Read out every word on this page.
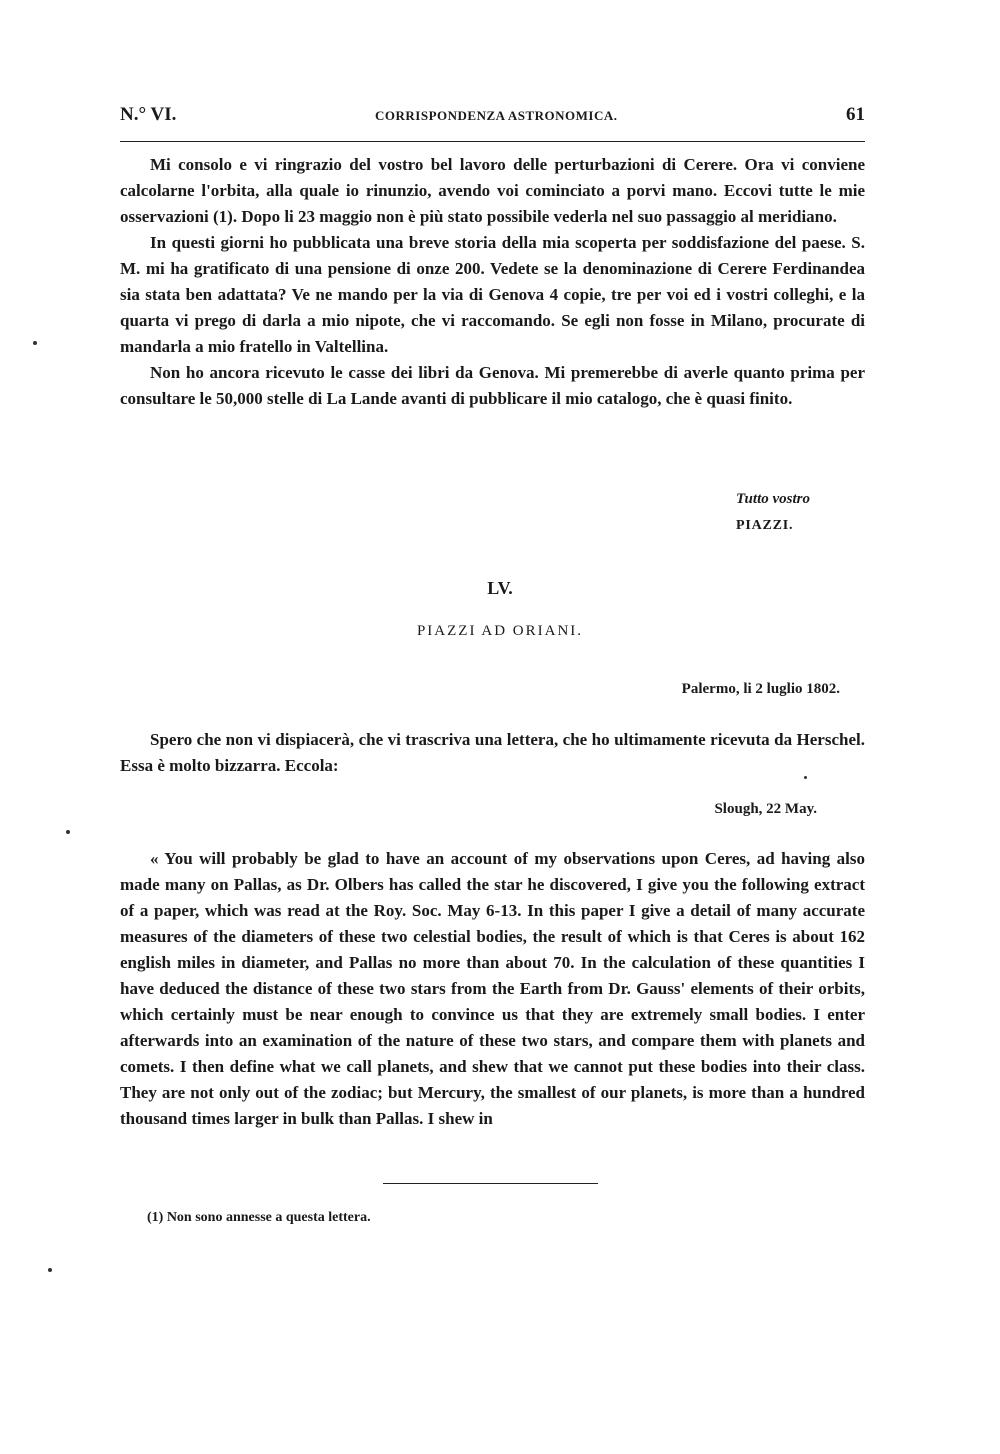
N.° VI.	CORRISPONDENZA ASTRONOMICA.	61

Mi consolo e vi ringrazio del vostro bel lavoro delle perturbazioni di Cerere. Ora vi conviene calcolarne l'orbita, alla quale io rinunzio, avendo voi cominciato a porvi mano. Eccovi tutte le mie osservazioni (1). Dopo li 23 maggio non è più stato possibile vederla nel suo passaggio al meridiano.

In questi giorni ho pubblicata una breve storia della mia scoperta per soddisfazione del paese. S. M. mi ha gratificato di una pensione di onze 200. Vedete se la denominazione di Cerere Ferdinandea sia stata ben adattata? Ve ne mando per la via di Genova 4 copie, tre per voi ed i vostri colleghi, e la quarta vi prego di darla a mio nipote, che vi raccomando. Se egli non fosse in Milano, procurate di mandarla a mio fratello in Valtellina.

Non ho ancora ricevuto le casse dei libri da Genova. Mi premerebbe di averle quanto prima per consultare le 50,000 stelle di La Lande avanti di pubblicare il mio catalogo, che è quasi finito.

Tutto vostro
PIAZZI.
LV.
PIAZZI AD ORIANI.
Palermo, li 2 luglio 1802.

Spero che non vi dispiacerà, che vi trascriva una lettera, che ho ultimamente ricevuta da Herschel. Essa è molto bizzarra. Eccola:

Slough, 22 May.

« You will probably be glad to have an account of my observations upon Ceres, ad having also made many on Pallas, as Dr. Olbers has called the star he discovered, I give you the following extract of a paper, which was read at the Roy. Soc. May 6-13. In this paper I give a detail of many accurate measures of the diameters of these two celestial bodies, the result of which is that Ceres is about 162 english miles in diameter, and Pallas no more than about 70. In the calculation of these quantities I have deduced the distance of these two stars from the Earth from Dr. Gauss' elements of their orbits, which certainly must be near enough to convince us that they are extremely small bodies. I enter afterwards into an examination of the nature of these two stars, and compare them with planets and comets. I then define what we call planets, and shew that we cannot put these bodies into their class. They are not only out of the zodiac; but Mercury, the smallest of our planets, is more than a hundred thousand times larger in bulk than Pallas. I shew in

(1) Non sono annesse a questa lettera.
